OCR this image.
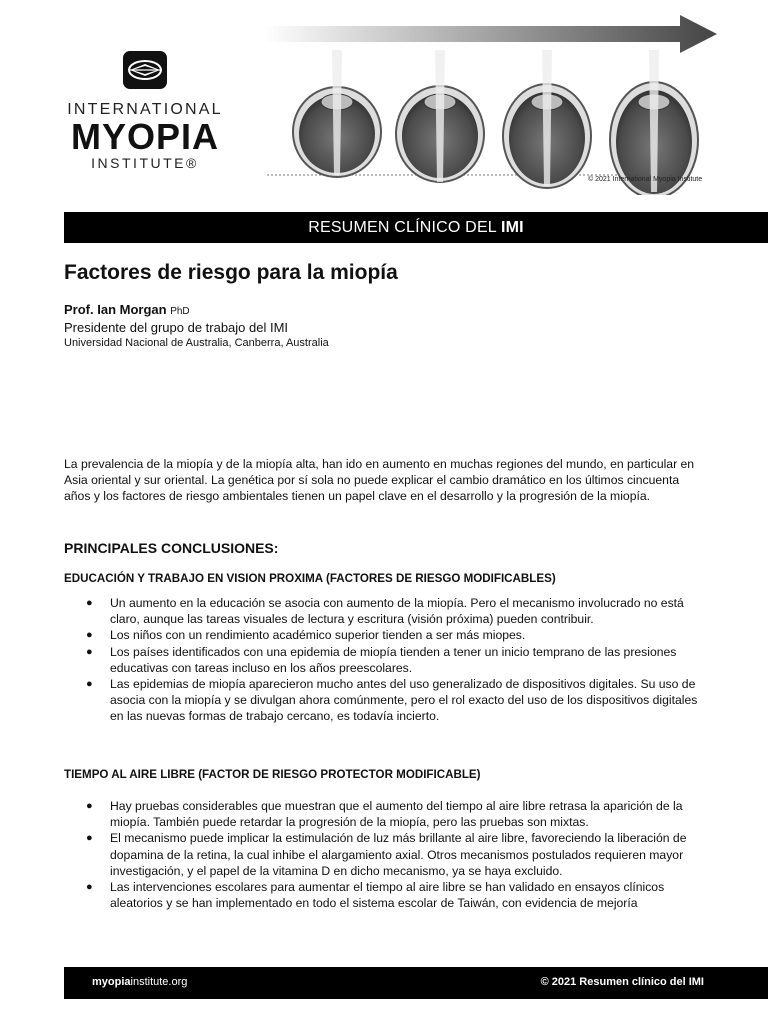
INTERNATIONAL
MYOPIA
INSTITUTE®
© 2021 International Myopia Institute
RESUMEN CLÍNICO DEL IMI
Factores de riesgo para la miopía
Prof. Ian Morgan PhD
Presidente del grupo de trabajo del IMI
Universidad Nacional de Australia, Canberra, Australia

La prevalencia de la miopía y de la miopía alta, han ido en aumento en muchas regiones del mundo, en particular en Asia oriental y sur oriental. La genética por sí sola no puede explicar el cambio dramático en los últimos cincuenta años y los factores de riesgo ambientales tienen un papel clave en el desarrollo y la progresión de la miopía.

PRINCIPALES CONCLUSIONES:
EDUCACIÓN Y TRABAJO EN VISION PROXIMA (FACTORES DE RIESGO MODIFICABLES)
● Un aumento en la educación se asocia con aumento de la miopía. Pero el mecanismo involucrado no está claro, aunque las tareas visuales de lectura y escritura (visión próxima) pueden contribuir.
● Los niños con un rendimiento académico superior tienden a ser más miopes.
● Los países identificados con una epidemia de miopía tienden a tener un inicio temprano de las presiones educativas con tareas incluso en los años preescolares.
● Las epidemias de miopía aparecieron mucho antes del uso generalizado de dispositivos digitales. Su uso de asocia con la miopía y se divulgan ahora comúnmente, pero el rol exacto del uso de los dispositivos digitales en las nuevas formas de trabajo cercano, es todavía incierto.
TIEMPO AL AIRE LIBRE (FACTOR DE RIESGO PROTECTOR MODIFICABLE)
● Hay pruebas considerables que muestran que el aumento del tiempo al aire libre retrasa la aparición de la miopía. También puede retardar la progresión de la miopía, pero las pruebas son mixtas.
● El mecanismo puede implicar la estimulación de luz más brillante al aire libre, favoreciendo la liberación de dopamina de la retina, la cual inhibe el alargamiento axial. Otros mecanismos postulados requieren mayor investigación, y el papel de la vitamina D en dicho mecanismo, ya se haya excluido.
● Las intervenciones escolares para aumentar el tiempo al aire libre se han validado en ensayos clínicos aleatorios y se han implementado en todo el sistema escolar de Taiwán, con evidencia de mejoría
myopiainstitute.org	© 2021 Resumen clínico del IMI
